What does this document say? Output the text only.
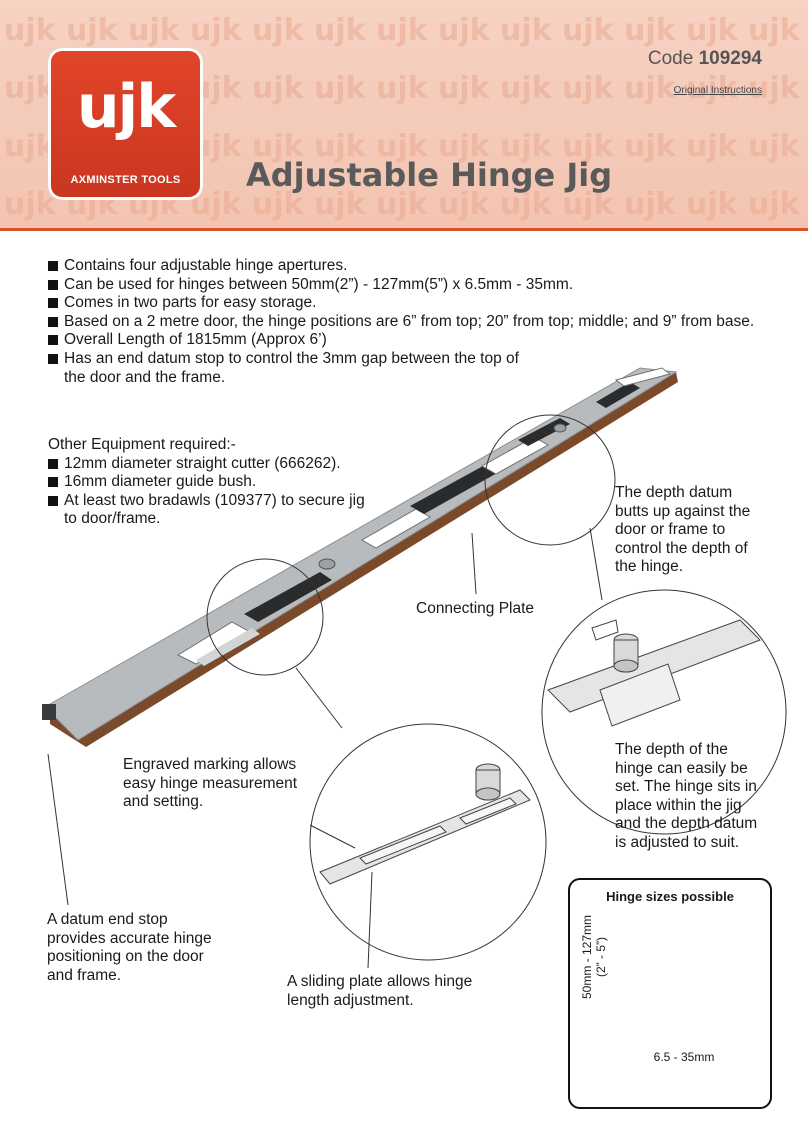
ujk
AXMINSTER TOOLS
Code 109294
Original Instructions
Adjustable Hinge Jig
Contains four adjustable hinge apertures.
Can be used for hinges between 50mm(2”) - 127mm(5”) x 6.5mm - 35mm.
Comes in two parts for easy storage.
Based on a 2 metre door, the hinge positions are 6” from top; 20” from top; middle; and 9” from base.
Overall Length of 1815mm (Approx 6’)
Has an end datum stop to control the 3mm gap between the top of the door and the frame.
Other Equipment required:-
12mm diameter straight cutter (666262).
16mm diameter guide bush.
At least two bradawls (109377) to secure jig to door/frame.
The depth datum butts up against the door or frame to control the depth of the hinge.
Connecting Plate
The depth of the hinge can easily be set. The hinge sits in place within the jig and the depth datum is adjusted to suit.
Engraved marking allows easy hinge measurement and setting.
A datum end stop provides accurate hinge positioning on the door and frame.	A sliding plate allows hinge length adjustment.
Hinge sizes possible
50mm - 127mm (2” - 5”)
6.5 - 35mm
